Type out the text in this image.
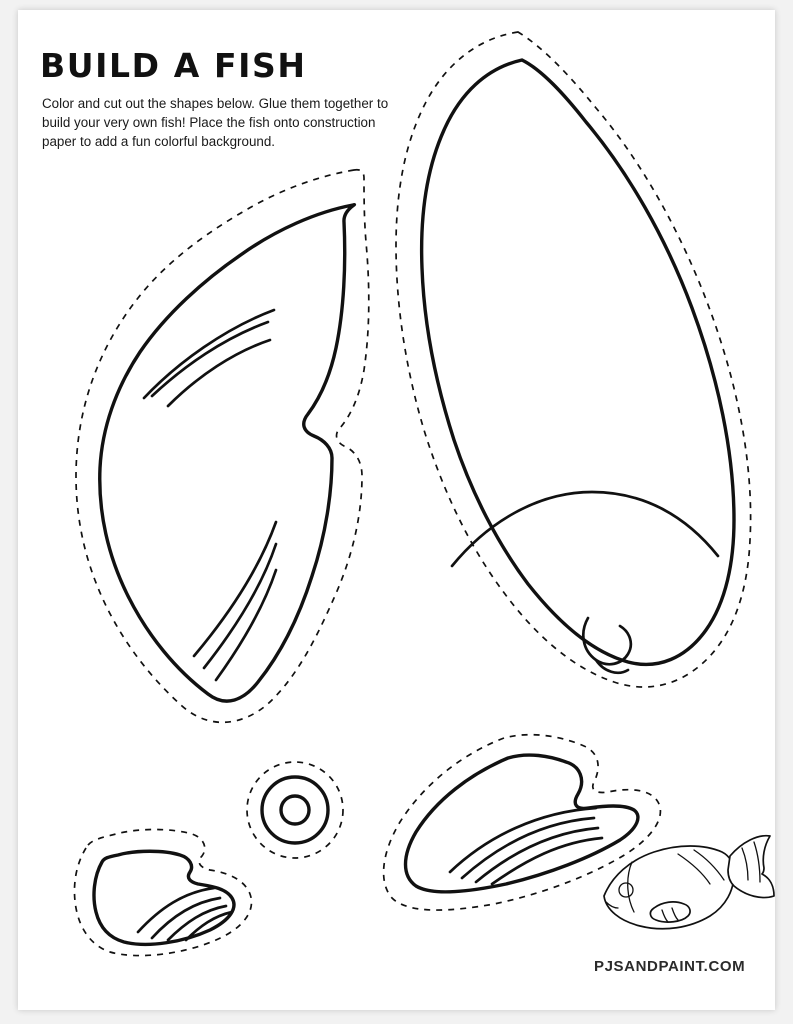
BUILD A FISH
Color and cut out the shapes below. Glue them together to build your very own fish! Place the fish onto construction paper to add a fun colorful background.
PJSANDPAINT.COM
